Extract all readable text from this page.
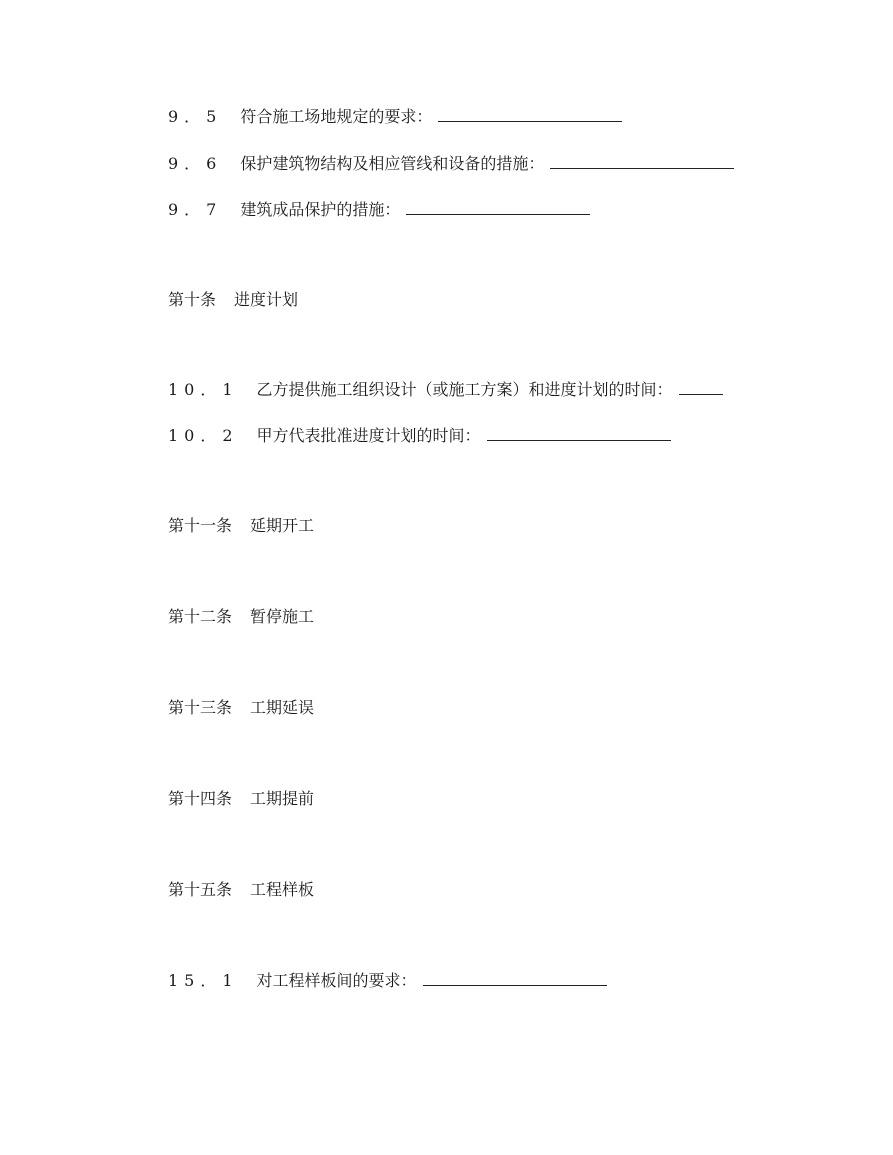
9．5 符合施工场地规定的要求：
9．6 保护建筑物结构及相应管线和设备的措施：
9．7 建筑成品保护的措施：
第十条 进度计划
10．1 乙方提供施工组织设计（或施工方案）和进度计划的时间：
10．2 甲方代表批准进度计划的时间：
第十一条 延期开工
第十二条 暂停施工
第十三条 工期延误
第十四条 工期提前
第十五条 工程样板
15．1 对工程样板间的要求：
